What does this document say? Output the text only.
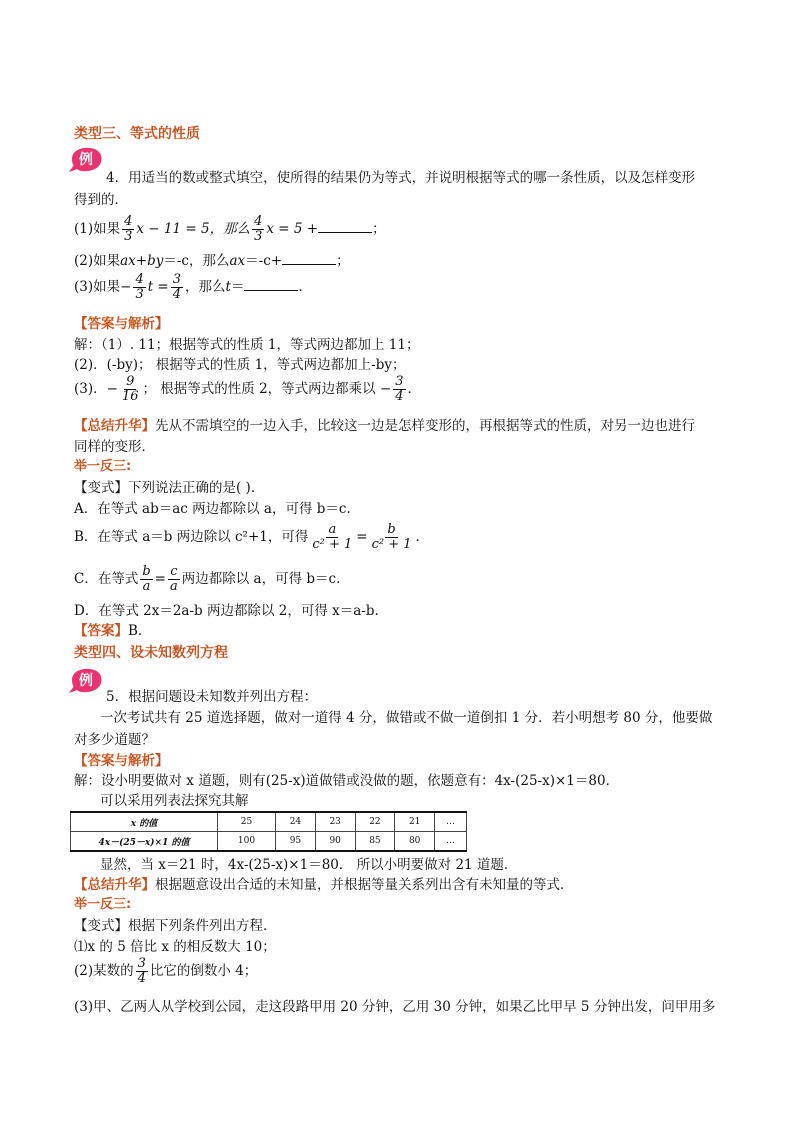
类型三、等式的性质
例
4．用适当的数或整式填空，使所得的结果仍为等式，并说明根据等式的哪一条性质，以及怎样变形
得到的．
(1)如果 $\frac{4}{3}$ x − 11 = 5，那么 $\frac{4}{3}$ x = 5 +	；
(2)如果ax+by＝-c，那么ax＝-c+	；
(3)如果− $\frac{4}{3}$ $t = \frac{3}{4}$ ，那么t＝	．
【答案与解析】
解：（1）. 11；根据等式的性质 1，等式两边都加上 11；
(2)．(-by)； 根据等式的性质 1，等式两边都加上-by；
(3)．− $\frac{9}{16}$ ； 根据等式的性质 2，等式两边都乘以 − $\frac{3}{4}$ ．
【总结升华】先从不需填空的一边入手，比较这一边是怎样变形的，再根据等式的性质，对另一边也进行
同样的变形．
举一反三:
【变式】下列说法正确的是( )．
A．在等式 ab＝ac 两边都除以 a，可得 b＝c.
B．在等式 a＝b 两边除以 c²+1，可得 $\frac{a}{\text{c² + 1}} = \frac{b}{\text{c² + 1}}$ ．
C．在等式 $\frac{b}{a} = \frac{c}{a}$ 两边都除以 a，可得 b＝c.
D．在等式 2x＝2a-b 两边都除以 2，可得 x＝a-b.
【答案】B．
类型四、设未知数列方程
例
5．根据问题设未知数并列出方程：
一次考试共有 25 道选择题，做对一道得 4 分，做错或不做一道倒扣 1 分．若小明想考 80 分，他要做
对多少道题？
【答案与解析】
解：设小明要做对 x 道题，则有(25-x)道做错或没做的题，依题意有：4x-(25-x)×1＝80．
可以采用列表法探究其解
x 的值	25	24	23	22	21	…
4x－(25－x)×1 的值	100	95	90	85	80	…
显然，当 x＝21 时，4x-(25-x)×1＝80． 所以小明要做对 21 道题．
【总结升华】根据题意设出合适的未知量，并根据等量关系列出含有未知量的等式．
举一反三:
【变式】根据下列条件列出方程．
⑴x 的 5 倍比 x 的相反数大 10；
(2)某数的 $\frac{3}{4}$ 比它的倒数小 4；
(3)甲、乙两人从学校到公园，走这段路甲用 20 分钟，乙用 30 分钟，如果乙比甲早 5 分钟出发，问甲用多
